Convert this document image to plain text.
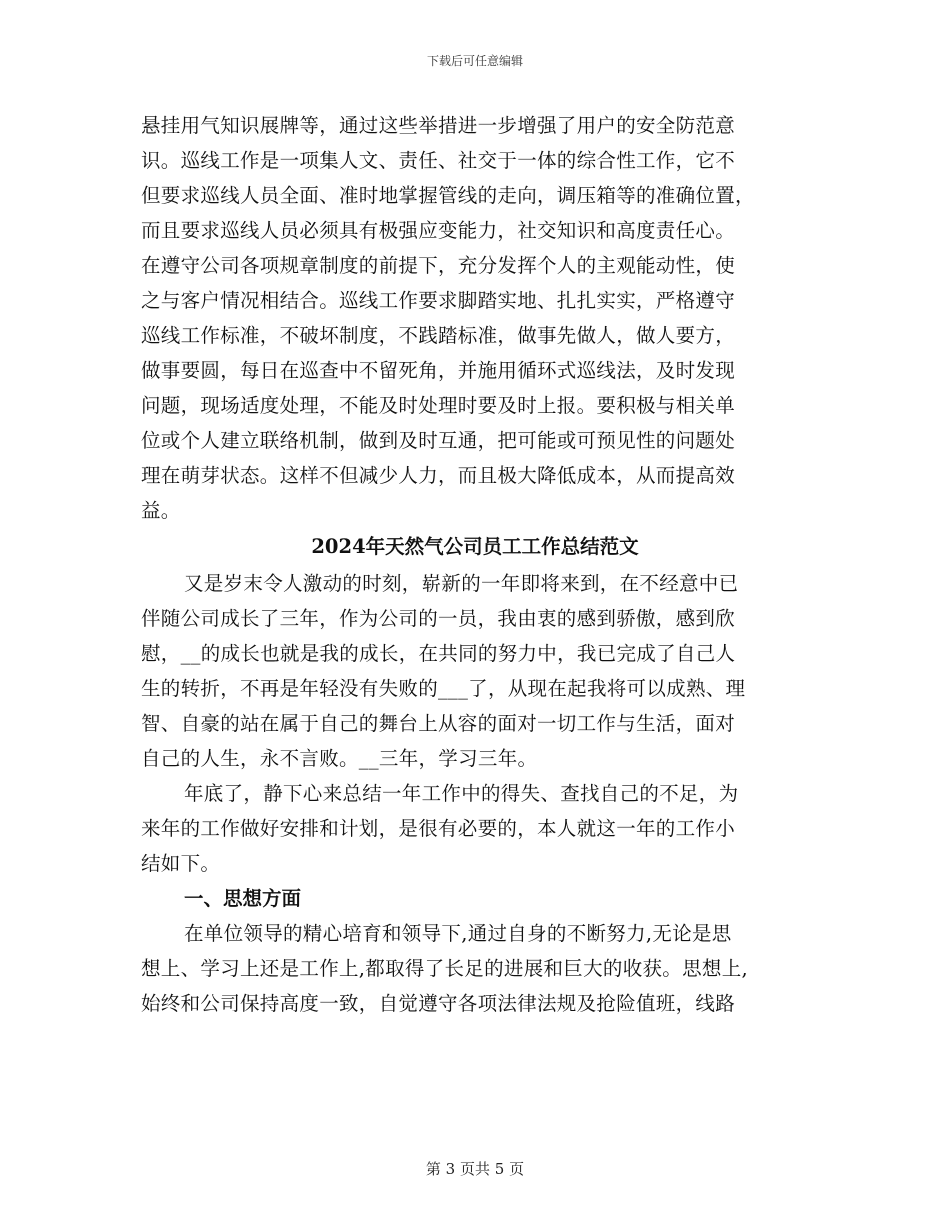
下载后可任意编辑
悬挂用气知识展牌等，通过这些举措进一步增强了用户的安全防范意
识。巡线工作是一项集人文、责任、社交于一体的综合性工作，它不
但要求巡线人员全面、准时地掌握管线的走向，调压箱等的准确位置，
而且要求巡线人员必须具有极强应变能力，社交知识和高度责任心。
在遵守公司各项规章制度的前提下，充分发挥个人的主观能动性，使
之与客户情况相结合。巡线工作要求脚踏实地、扎扎实实，严格遵守
巡线工作标准，不破坏制度，不践踏标准，做事先做人，做人要方，
做事要圆，每日在巡查中不留死角，并施用循环式巡线法，及时发现
问题，现场适度处理，不能及时处理时要及时上报。要积极与相关单
位或个人建立联络机制，做到及时互通，把可能或可预见性的问题处
理在萌芽状态。这样不但减少人力，而且极大降低成本，从而提高效
益。
2024年天然气公司员工工作总结范文
又是岁末令人激动的时刻，崭新的一年即将来到，在不经意中已
伴随公司成长了三年，作为公司的一员，我由衷的感到骄傲，感到欣
慰，__的成长也就是我的成长，在共同的努力中，我已完成了自己人
生的转折，不再是年轻没有失败的___了，从现在起我将可以成熟、理
智、自豪的站在属于自己的舞台上从容的面对一切工作与生活，面对
自己的人生，永不言败。__三年，学习三年。
年底了，静下心来总结一年工作中的得失、查找自己的不足，为
来年的工作做好安排和计划，是很有必要的，本人就这一年的工作小
结如下。
一、思想方面
在单位领导的精心培育和领导下,通过自身的不断努力,无论是思
想上、学习上还是工作上,都取得了长足的进展和巨大的收获。思想上,
始终和公司保持高度一致，自觉遵守各项法律法规及抢险值班，线路
第 3 页共 5 页
